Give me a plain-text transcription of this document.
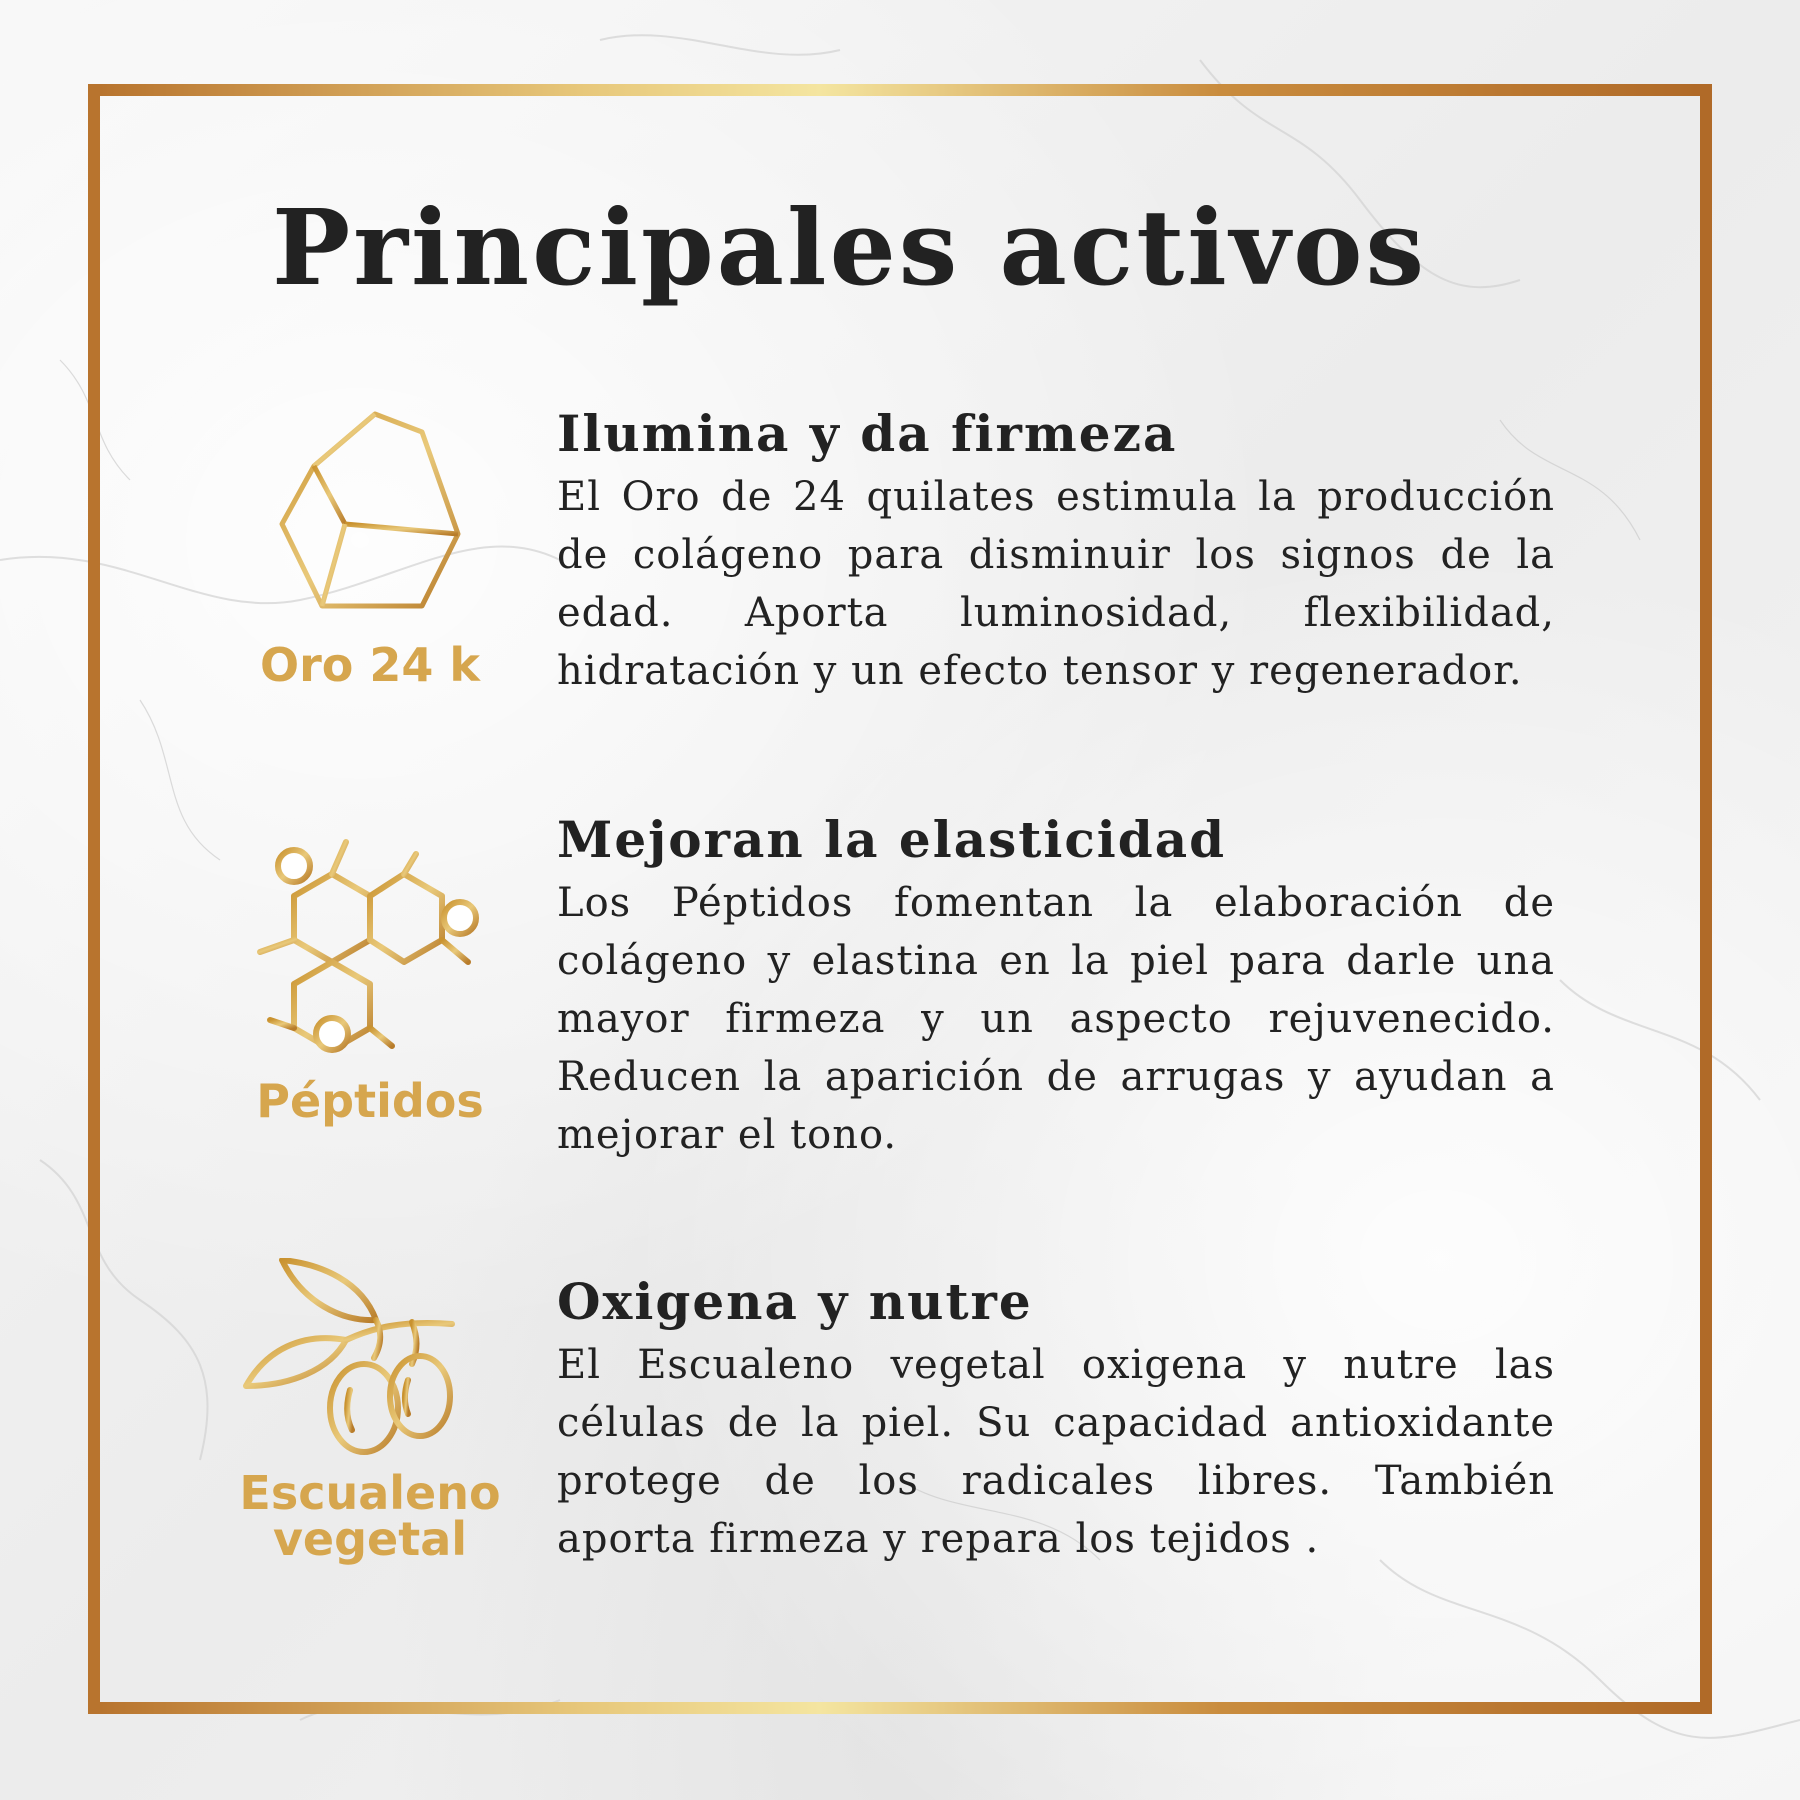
Principales activos
Oro 24 k
Ilumina y da firmeza
El Oro de 24 quilates estimula la producción de colágeno para disminuir los signos de la edad. Aporta luminosidad, flexibilidad, hidratación y un efecto tensor y regenerador.
Péptidos
Mejoran la elasticidad
Los Péptidos fomentan la elaboración de colágeno y elastina en la piel para darle una mayor firmeza y un aspecto rejuvenecido. Reducen la aparición de arrugas y ayudan a mejorar el tono.
Escualeno
vegetal
Oxigena y nutre
El Escualeno vegetal oxigena y nutre las células de la piel. Su capacidad antioxidante protege de los radicales libres. También aporta firmeza y repara los tejidos .
